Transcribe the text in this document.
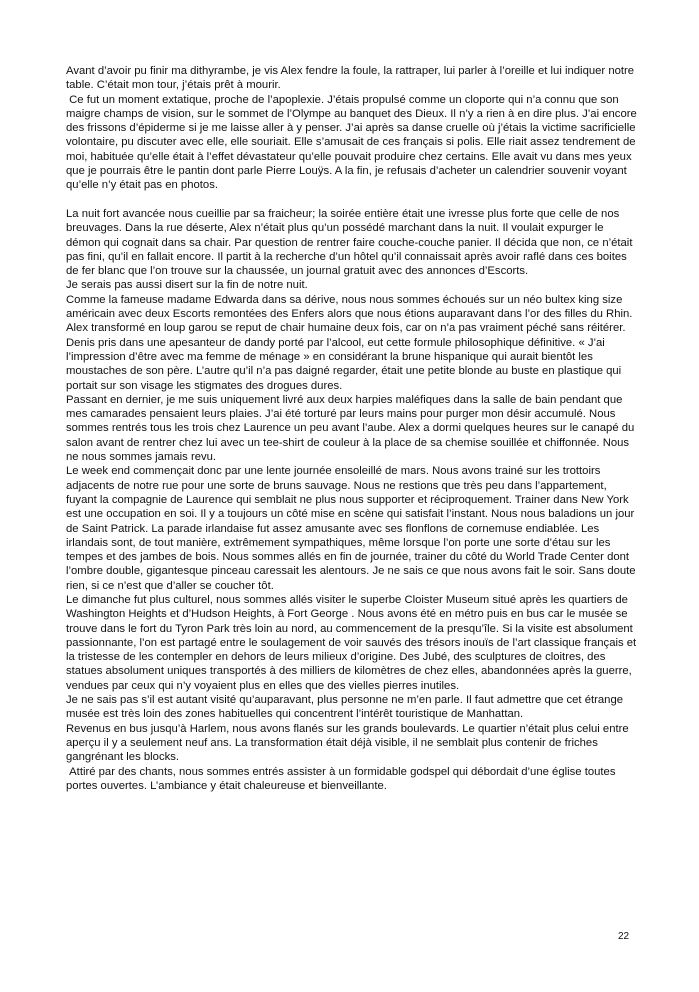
Avant d’avoir pu finir ma dithyrambe, je vis Alex fendre la foule, la rattraper, lui parler à l’oreille et lui indiquer notre table. C’était mon tour, j’étais prêt à mourir.

Ce fut un moment extatique, proche de l’apoplexie. J’étais propulsé comme un cloporte qui n’a connu que son maigre champs de vision, sur le sommet de l’Olympe au banquet des Dieux. Il n’y a rien à en dire plus. J’ai encore des frissons d’épiderme si je me laisse aller à y penser. J’ai après sa danse cruelle où j’étais la victime sacrificielle volontaire, pu discuter avec elle, elle souriait. Elle s’amusait de ces français si polis. Elle riait assez tendrement de moi, habituée qu’elle était à l’effet dévastateur qu’elle pouvait produire chez certains. Elle avait vu dans mes yeux que je pourrais être le pantin dont parle Pierre Louÿs. A la fin, je refusais d’acheter un calendrier souvenir voyant qu’elle n’y était pas en photos.

La nuit fort avancée nous cueillie par sa fraicheur; la soirée entière était une ivresse plus forte que celle de nos breuvages. Dans la rue déserte, Alex n’était plus qu’un possédé marchant dans la nuit. Il voulait expurger le démon qui cognait dans sa chair. Par question de rentrer faire couche-couche panier. Il décida que non, ce n’était pas fini, qu’il en fallait encore. Il partit à la recherche d’un hôtel qu’il connaissait après avoir raflé dans ces boites de fer blanc que l’on trouve sur la chaussée, un journal gratuit avec des annonces d’Escorts.

Je serais pas aussi disert sur la fin de notre nuit.

Comme la fameuse madame Edwarda dans sa dérive, nous nous sommes échoués sur un néo bultex king size américain avec deux Escorts remontées des Enfers alors que nous étions auparavant dans l’or des filles du Rhin.

Alex transformé en loup garou se reput de chair humaine deux fois, car on n’a pas vraiment péché sans réitérer. Denis pris dans une apesanteur de dandy porté par l’alcool, eut cette formule philosophique définitive. « J’ai l’impression d’être avec ma femme de ménage » en considérant la brune hispanique qui aurait bientôt les moustaches de son père. L’autre qu’il n’a pas daigné regarder, était une petite blonde au buste en plastique qui portait sur son visage les stigmates des drogues dures.

Passant en dernier, je me suis uniquement livré aux deux harpies maléfiques dans la salle de bain pendant que mes camarades pensaient leurs plaies. J’ai été torturé par leurs mains pour purger mon désir accumulé. Nous sommes rentrés tous les trois chez Laurence un peu avant l’aube. Alex a dormi quelques heures sur le canapé du salon avant de rentrer chez lui avec un tee-shirt de couleur à la place de sa chemise souillée et chiffonnée. Nous ne nous sommes jamais revu.

Le week end commençait donc par une lente journée ensoleillé de mars. Nous avons trainé sur les trottoirs adjacents de notre rue pour une sorte de bruns sauvage. Nous ne restions que très peu dans l’appartement, fuyant la compagnie de Laurence qui semblait ne plus nous supporter et réciproquement. Trainer dans New York est une occupation en soi. Il y a toujours un côté mise en scène qui satisfait l’instant. Nous nous baladions un jour de Saint Patrick. La parade irlandaise fut assez amusante avec ses flonflons de cornemuse endiablée. Les irlandais sont, de tout manière, extrêmement sympathiques, même lorsque l’on porte une sorte d’étau sur les tempes et des jambes de bois. Nous sommes allés en fin de journée, trainer du côté du World Trade Center dont l’ombre double, gigantesque pinceau caressait les alentours. Je ne sais ce que nous avons fait le soir. Sans doute rien, si ce n’est que d’aller se coucher tôt.

Le dimanche fut plus culturel, nous sommes allés visiter le superbe Cloister Museum situé après les quartiers de Washington Heights et d’Hudson Heights, à Fort George . Nous avons été en métro puis en bus car le musée se trouve dans le fort du Tyron Park très loin au nord, au commencement de la presqu’île. Si la visite est absolument passionnante, l’on est partagé entre le soulagement de voir sauvés des trésors inouïs de l’art classique français et la tristesse de les contempler en dehors de leurs milieux d’origine. Des Jubé, des sculptures de cloitres, des statues absolument uniques transportés à des milliers de kilomètres de chez elles, abandonnées après la guerre, vendues par ceux qui n’y voyaient plus en elles que des vielles pierres inutiles.

Je ne sais pas s’il est autant visité qu’auparavant, plus personne ne m’en parle. Il faut admettre que cet étrange musée est très loin des zones habituelles qui concentrent l’intérêt touristique de Manhattan.

Revenus en bus jusqu’à Harlem, nous avons flanés sur les grands boulevards. Le quartier n’était plus celui entre aperçu il y a seulement neuf ans. La transformation était déjà visible, il ne semblait plus contenir de friches gangrénant les blocks.

Attiré par des chants, nous sommes entrés assister à un formidable godspel qui débordait d’une église toutes portes ouvertes. L’ambiance y était chaleureuse et bienveillante.

22
